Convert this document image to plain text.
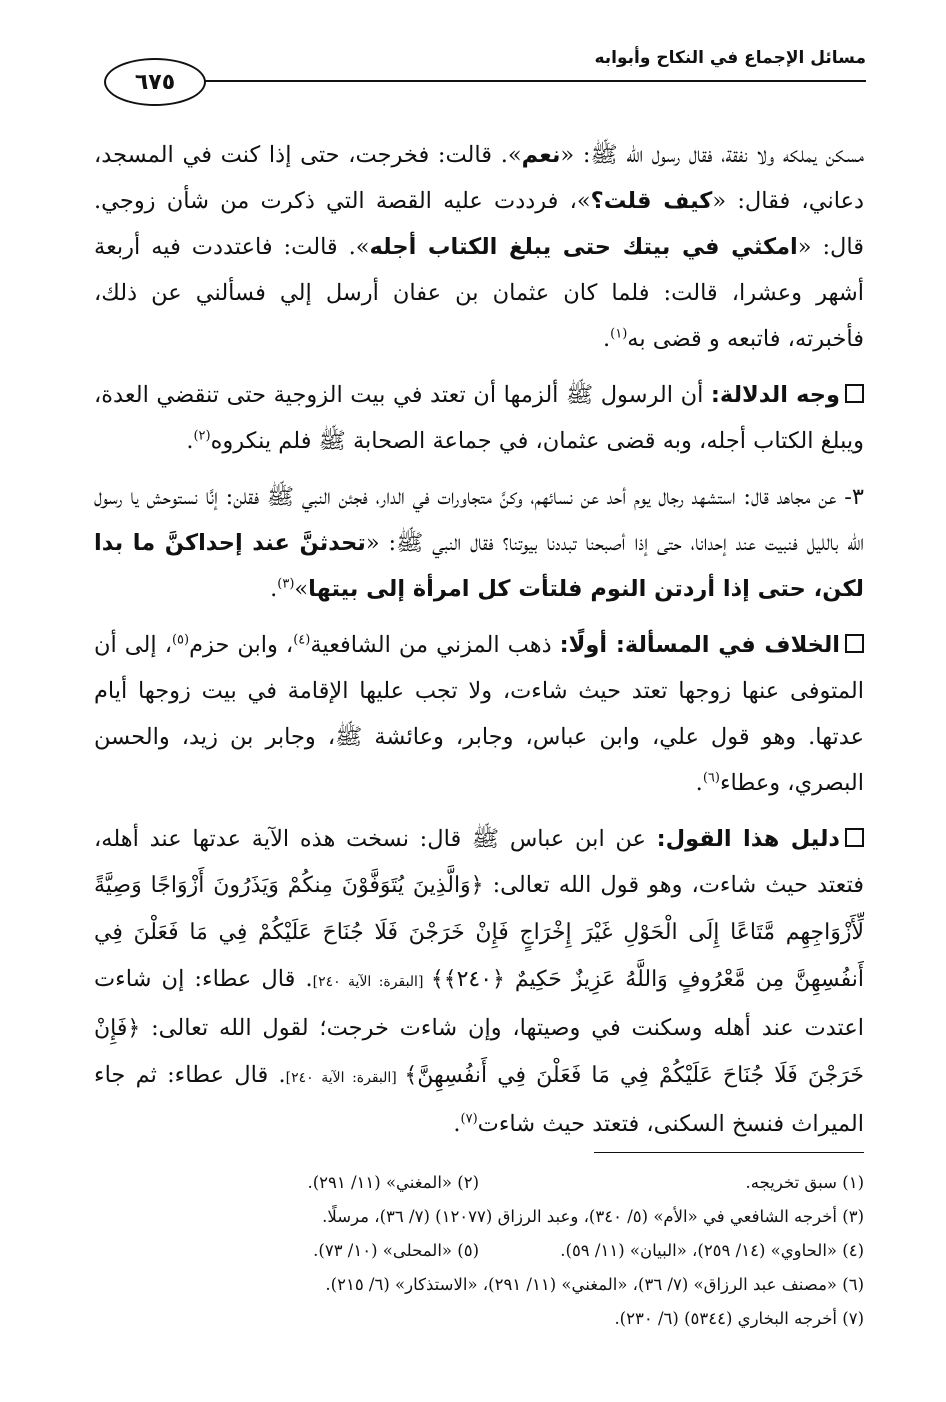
مسائل الإجماع في النكاح وأبوابه
٦٧٥

مسكن يملكه ولا نفقة، فقال رسول الله ﷺ: «نعم». قالت: فخرجت، حتى إذا كنت في المسجد، دعاني، فقال: «كيف قلت؟»، فرددت عليه القصة التي ذكرت من شأن زوجي. قال: «امكثي في بيتك حتى يبلغ الكتاب أجله». قالت: فاعتددت فيه أربعة أشهر وعشرا، قالت: فلما كان عثمان بن عفان أرسل إلي فسألني عن ذلك، فأخبرته، فاتبعه و قضى به$^{(١)}$.

وجه الدلالة: أن الرسول ﷺ ألزمها أن تعتد في بيت الزوجية حتى تنقضي العدة، ويبلغ الكتاب أجله، وبه قضى عثمان، في جماعة الصحابة ﷺ فلم ينكروه$^{(٢)}$.

٣- عن مجاهد قال: استشهد رجال يوم أحد عن نسائهم، وكنَّ متجاورات في الدار، فجئن النبي ﷺ فقلن: إنَّا نستوحش يا رسول الله بالليل فنبيت عند إحدانا، حتى إذا أصبحنا تبددنا بيوتنا؟ فقال النبي ﷺ: «تحدثنَّ عند إحداكنَّ ما بدا لكن، حتى إذا أردتن النوم فلتأت كل امرأة إلى بيتها»$^{(٣)}$.

الخلاف في المسألة: أولًا: ذهب المزني من الشافعية$^{(٤)}$، وابن حزم$^{(٥)}$، إلى أن المتوفى عنها زوجها تعتد حيث شاءت، ولا تجب عليها الإقامة في بيت زوجها أيام عدتها. وهو قول علي، وابن عباس، وجابر، وعائشة ﷺ، وجابر بن زيد، والحسن البصري، وعطاء$^{(٦)}$.

دليل هذا القول: عن ابن عباس ﷺ قال: نسخت هذه الآية عدتها عند أهله، فتعتد حيث شاءت، وهو قول الله تعالى: ﴿وَالَّذِينَ يُتَوَفَّوْنَ مِنكُمْ وَيَذَرُونَ أَزْوَاجًا وَصِيَّةً لِّأَزْوَاجِهِم مَّتَاعًا إِلَى الْحَوْلِ غَيْرَ إِخْرَاجٍ فَإِنْ خَرَجْنَ فَلَا جُنَاحَ عَلَيْكُمْ فِي مَا فَعَلْنَ فِي أَنفُسِهِنَّ مِن مَّعْرُوفٍ وَاللَّهُ عَزِيزٌ حَكِيمٌ ﴿٢٤٠﴾﴾ [البقرة: الآية ٢٤٠]. قال عطاء: إن شاءت اعتدت عند أهله وسكنت في وصيتها، وإن شاءت خرجت؛ لقول الله تعالى: ﴿فَإِنْ خَرَجْنَ فَلَا جُنَاحَ عَلَيْكُمْ فِي مَا فَعَلْنَ فِي أَنفُسِهِنَّ﴾ [البقرة: الآية ٢٤٠]. قال عطاء: ثم جاء الميراث فنسخ السكنى، فتعتد حيث شاءت$^{(٧)}$.

(١) سبق تخريجه.
(٢) «المغني» (١١/ ٢٩١).
(٣) أخرجه الشافعي في «الأم» (٥/ ٣٤٠)، وعبد الرزاق (١٢٠٧٧) (٧/ ٣٦)، مرسلًا.
(٤) «الحاوي» (١٤/ ٢٥٩)، «البيان» (١١/ ٥٩).
(٥) «المحلى» (١٠/ ٧٣).
(٦) «مصنف عبد الرزاق» (٧/ ٣٦)، «المغني» (١١/ ٢٩١)، «الاستذكار» (٦/ ٢١٥).
(٧) أخرجه البخاري (٥٣٤٤) (٦/ ٢٣٠).
